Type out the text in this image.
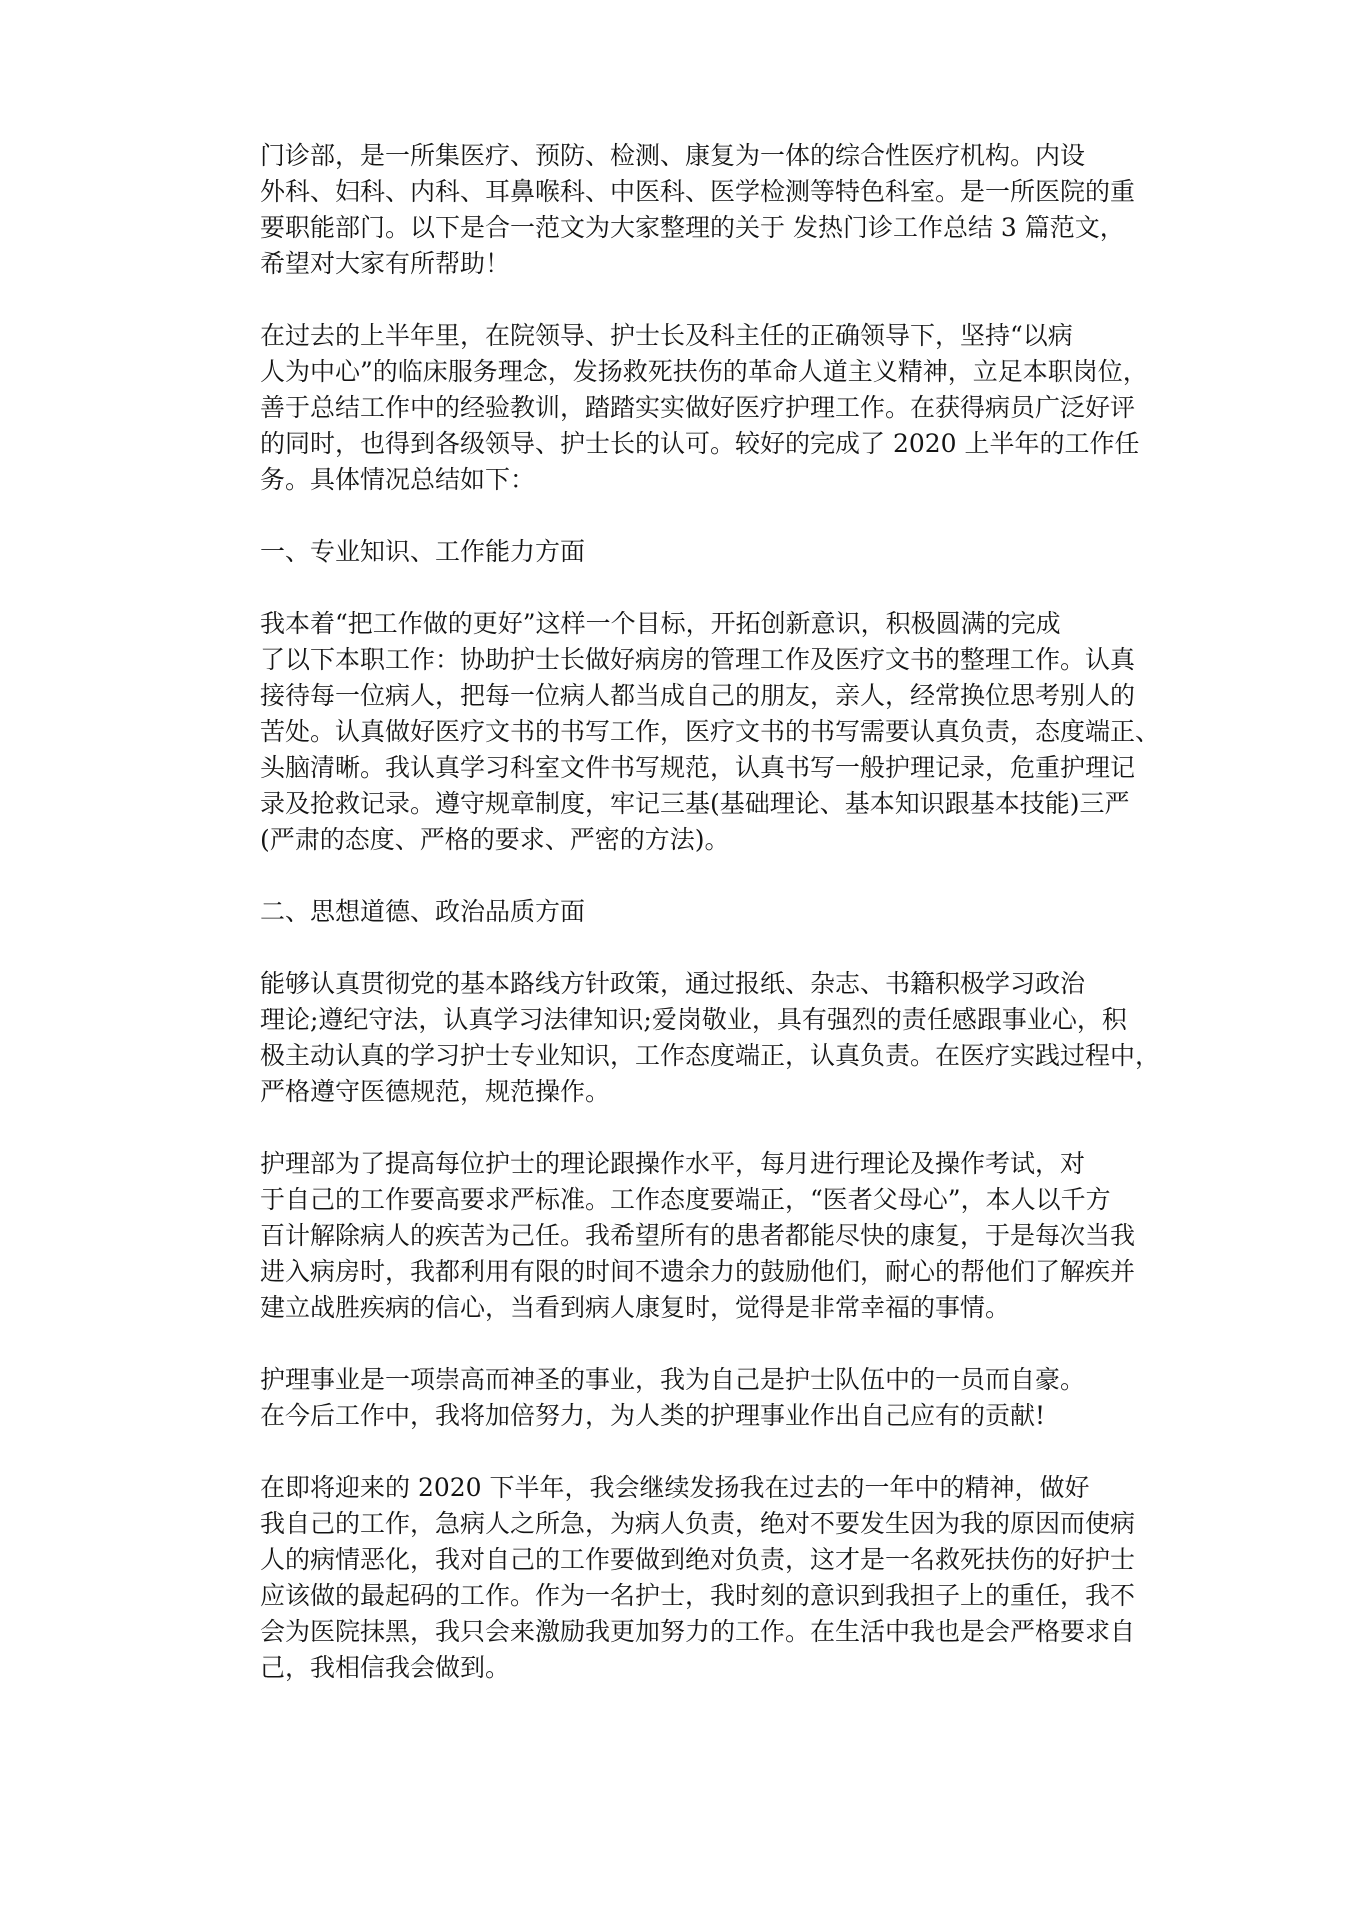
门诊部，是一所集医疗、预防、检测、康复为一体的综合性医疗机构。内设
外科、妇科、内科、耳鼻喉科、中医科、医学检测等特色科室。是一所医院的重
要职能部门。以下是合一范文为大家整理的关于 发热门诊工作总结 3 篇范文，
希望对大家有所帮助！

在过去的上半年里，在院领导、护士长及科主任的正确领导下，坚持“以病
人为中心”的临床服务理念，发扬救死扶伤的革命人道主义精神，立足本职岗位，
善于总结工作中的经验教训，踏踏实实做好医疗护理工作。在获得病员广泛好评
的同时，也得到各级领导、护士长的认可。较好的完成了 2020 上半年的工作任
务。具体情况总结如下：

一、专业知识、工作能力方面

我本着“把工作做的更好”这样一个目标，开拓创新意识，积极圆满的完成
了以下本职工作：协助护士长做好病房的管理工作及医疗文书的整理工作。认真
接待每一位病人，把每一位病人都当成自己的朋友，亲人，经常换位思考别人的
苦处。认真做好医疗文书的书写工作，医疗文书的书写需要认真负责，态度端正、
头脑清晰。我认真学习科室文件书写规范，认真书写一般护理记录，危重护理记
录及抢救记录。遵守规章制度，牢记三基(基础理论、基本知识跟基本技能)三严
(严肃的态度、严格的要求、严密的方法)。

二、思想道德、政治品质方面

能够认真贯彻党的基本路线方针政策，通过报纸、杂志、书籍积极学习政治
理论;遵纪守法，认真学习法律知识;爱岗敬业，具有强烈的责任感跟事业心，积
极主动认真的学习护士专业知识，工作态度端正，认真负责。在医疗实践过程中，
严格遵守医德规范，规范操作。

护理部为了提高每位护士的理论跟操作水平，每月进行理论及操作考试，对
于自己的工作要高要求严标准。工作态度要端正，“医者父母心”，本人以千方
百计解除病人的疾苦为己任。我希望所有的患者都能尽快的康复，于是每次当我
进入病房时，我都利用有限的时间不遗余力的鼓励他们，耐心的帮他们了解疾并
建立战胜疾病的信心，当看到病人康复时，觉得是非常幸福的事情。

护理事业是一项崇高而神圣的事业，我为自己是护士队伍中的一员而自豪。
在今后工作中，我将加倍努力，为人类的护理事业作出自己应有的贡献!

在即将迎来的 2020 下半年，我会继续发扬我在过去的一年中的精神，做好
我自己的工作，急病人之所急，为病人负责，绝对不要发生因为我的原因而使病
人的病情恶化，我对自己的工作要做到绝对负责，这才是一名救死扶伤的好护士
应该做的最起码的工作。作为一名护士，我时刻的意识到我担子上的重任，我不
会为医院抹黑，我只会来激励我更加努力的工作。在生活中我也是会严格要求自
己，我相信我会做到。
